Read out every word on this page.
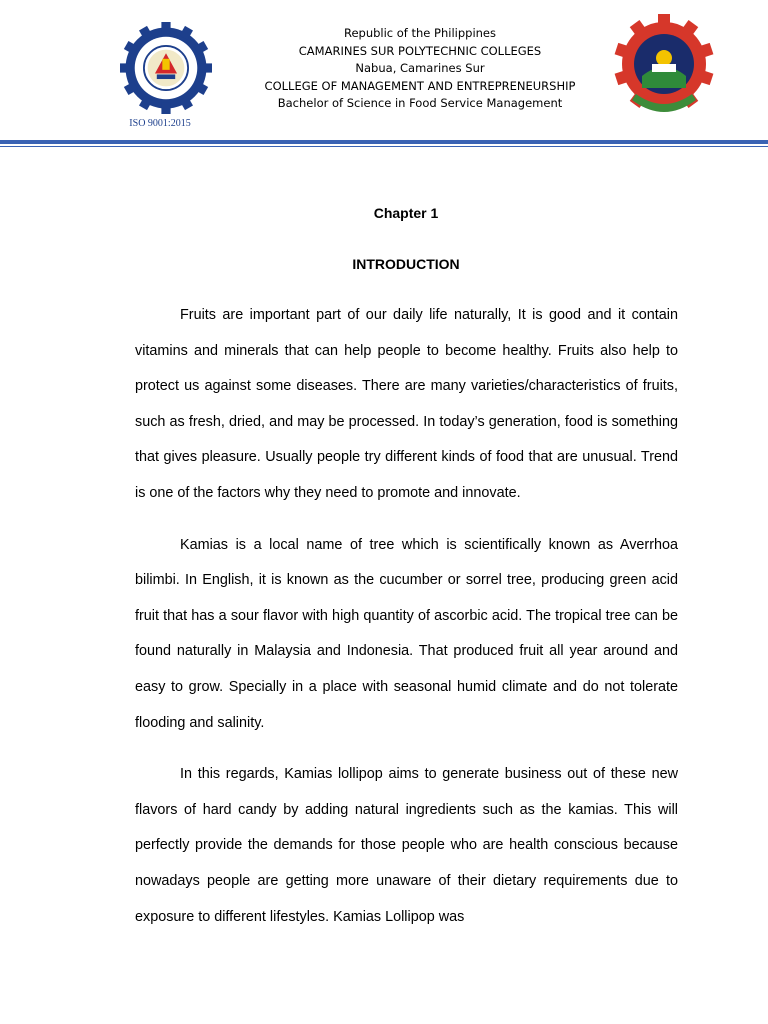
ISO 9001:2015
Republic of the Philippines
CAMARINES SUR POLYTECHNIC COLLEGES
Nabua, Camarines Sur
COLLEGE OF MANAGEMENT AND ENTREPRENEURSHIP
Bachelor of Science in Food Service Management
Chapter 1
INTRODUCTION

Fruits are important part of our daily life naturally, It is good and it contain vitamins and minerals that can help people to become healthy. Fruits also help to protect us against some diseases. There are many varieties/characteristics of fruits, such as fresh, dried, and may be processed. In today’s generation, food is something that gives pleasure. Usually people try different kinds of food that are unusual. Trend is one of the factors why they need to promote and innovate.

Kamias is a local name of tree which is scientifically known as Averrhoa bilimbi. In English, it is known as the cucumber or sorrel tree, producing green acid fruit that has a sour flavor with high quantity of ascorbic acid. The tropical tree can be found naturally in Malaysia and Indonesia. That produced fruit all year around and easy to grow. Specially in a place with seasonal humid climate and do not tolerate flooding and salinity.

In this regards, Kamias lollipop aims to generate business out of these new flavors of hard candy by adding natural ingredients such as the kamias. This will perfectly provide the demands for those people who are health conscious because nowadays people are getting more unaware of their dietary requirements due to exposure to different lifestyles. Kamias Lollipop was
